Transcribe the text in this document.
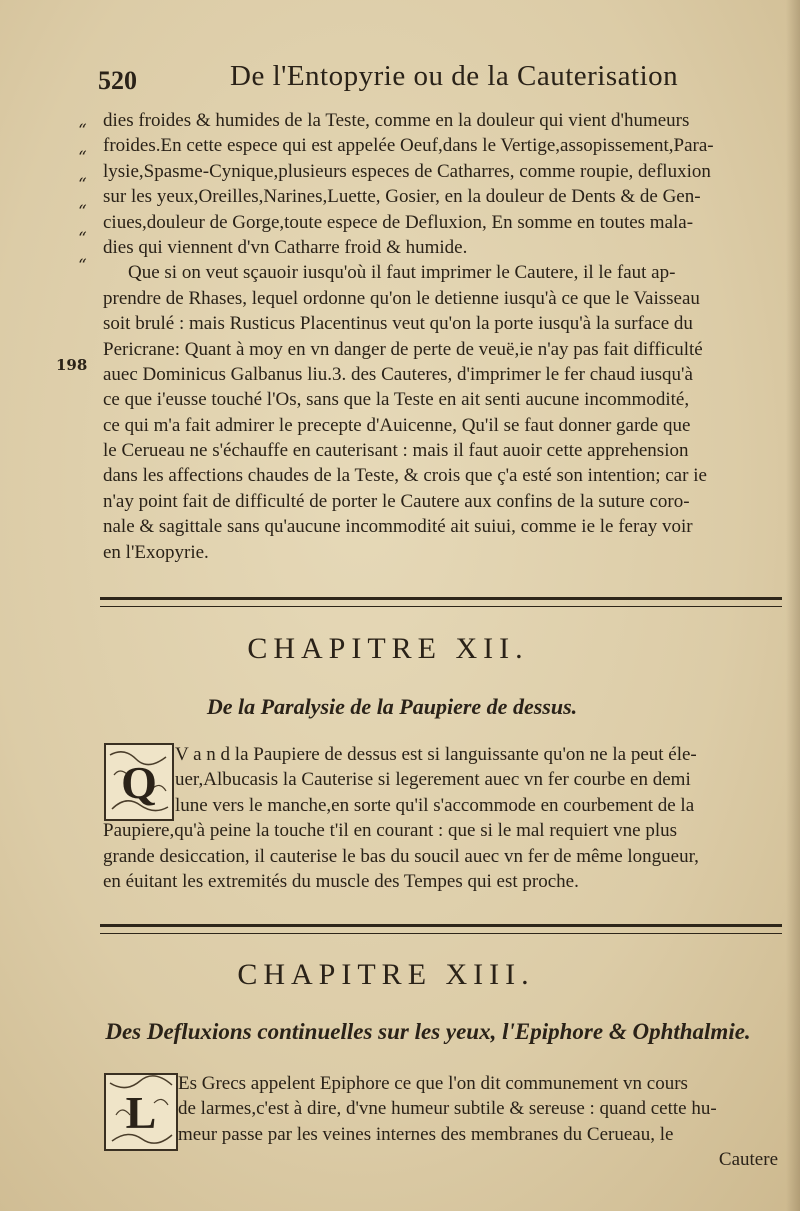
520	De l'Entopyrie ou de la Cauterisation
“
“
“
“
“
“
198
dies froides & humides de la Teste, comme en la douleur qui vient d'humeurs
froides.En cette espece qui est appelée Oeuf,dans le Vertige,assopissement,Para-
lysie,Spasme-Cynique,plusieurs especes de Catharres, comme roupie, defluxion
sur les yeux,Oreilles,Narines,Luette, Gosier, en la douleur de Dents & de Gen-
ciues,douleur de Gorge,toute espece de Defluxion, En somme en toutes mala-
dies qui viennent d'vn Catharre froid & humide.
Que si on veut sçauoir iusqu'où il faut imprimer le Cautere, il le faut ap-
prendre de Rhases, lequel ordonne qu'on le detienne iusqu'à ce que le Vaisseau
soit brulé : mais Rusticus Placentinus veut qu'on la porte iusqu'à la surface du
Pericrane: Quant à moy en vn danger de perte de veuë,ie n'ay pas fait difficulté
auec Dominicus Galbanus liu.3. des Cauteres, d'imprimer le fer chaud iusqu'à
ce que i'eusse touché l'Os, sans que la Teste en ait senti aucune incommodité,
ce qui m'a fait admirer le precepte d'Auicenne, Qu'il se faut donner garde que
le Cerueau ne s'échauffe en cauterisant : mais il faut auoir cette apprehension
dans les affections chaudes de la Teste, & crois que ç'a esté son intention; car ie
n'ay point fait de difficulté de porter le Cautere aux confins de la suture coro-
nale & sagittale sans qu'aucune incommodité ait suiui, comme ie le feray voir
en l'Exopyrie.
CHAPITRE XII.
De la Paralysie de la Paupiere de dessus.
Q
V a n d la Paupiere de dessus est si languissante qu'on ne la peut éle-
uer,Albucasis la Cauterise si legerement auec vn fer courbe en demi
lune vers le manche,en sorte qu'il s'accommode en courbement de la
Paupiere,qu'à peine la touche t'il en courant : que si le mal requiert vne plus
grande desiccation, il cauterise le bas du soucil auec vn fer de même longueur,
en éuitant les extremités du muscle des Tempes qui est proche.
CHAPITRE XIII.
Des Defluxions continuelles sur les yeux, l'Epiphore & Ophthalmie.
L
Es Grecs appelent Epiphore ce que l'on dit communement vn cours
de larmes,c'est à dire, d'vne humeur subtile & sereuse : quand cette hu-
meur passe par les veines internes des membranes du Cerueau, le
Cautere
